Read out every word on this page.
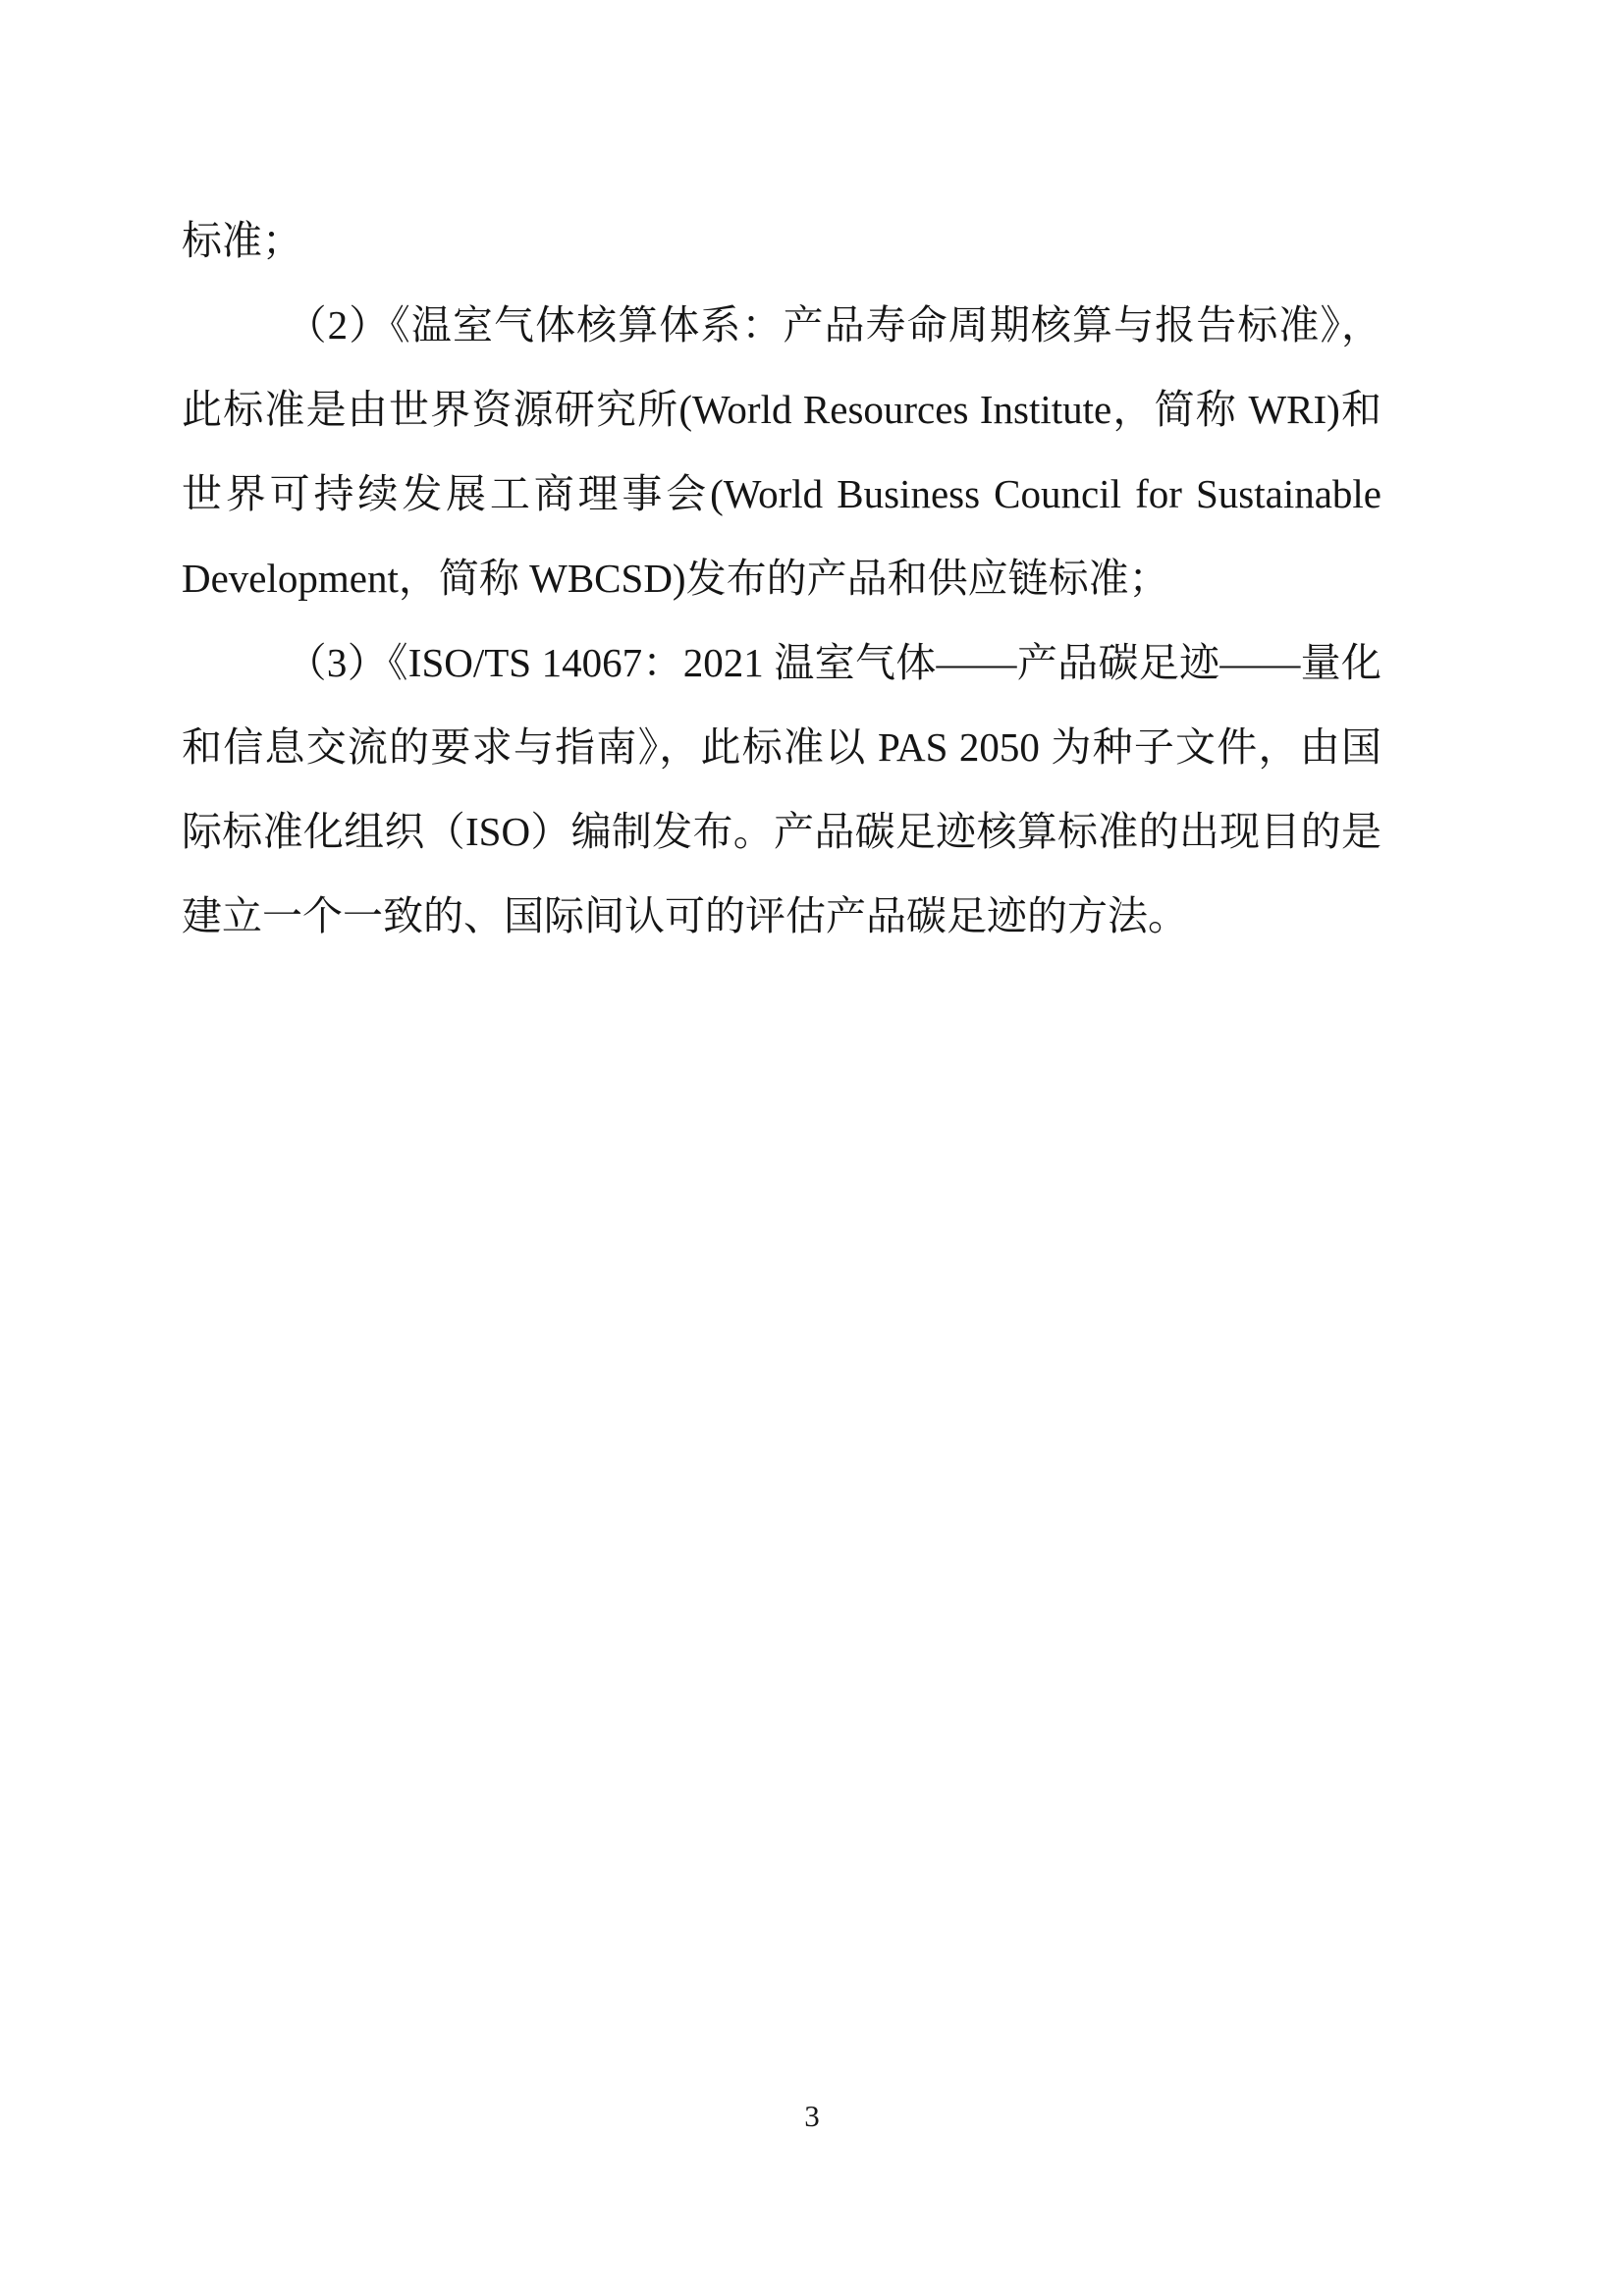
标准；
（2）《温室气体核算体系：产品寿命周期核算与报告标准》，
此标准是由世界资源研究所(World Resources Institute，简称 WRI)和
世界可持续发展工商理事会(World Business Council for Sustainable
Development，简称 WBCSD)发布的产品和供应链标准；
（3）《ISO/TS 14067：2021 温室气体——产品碳足迹——量化
和信息交流的要求与指南》，此标准以 PAS 2050 为种子文件，由国
际标准化组织（ISO）编制发布。产品碳足迹核算标准的出现目的是
建立一个一致的、国际间认可的评估产品碳足迹的方法。
3
